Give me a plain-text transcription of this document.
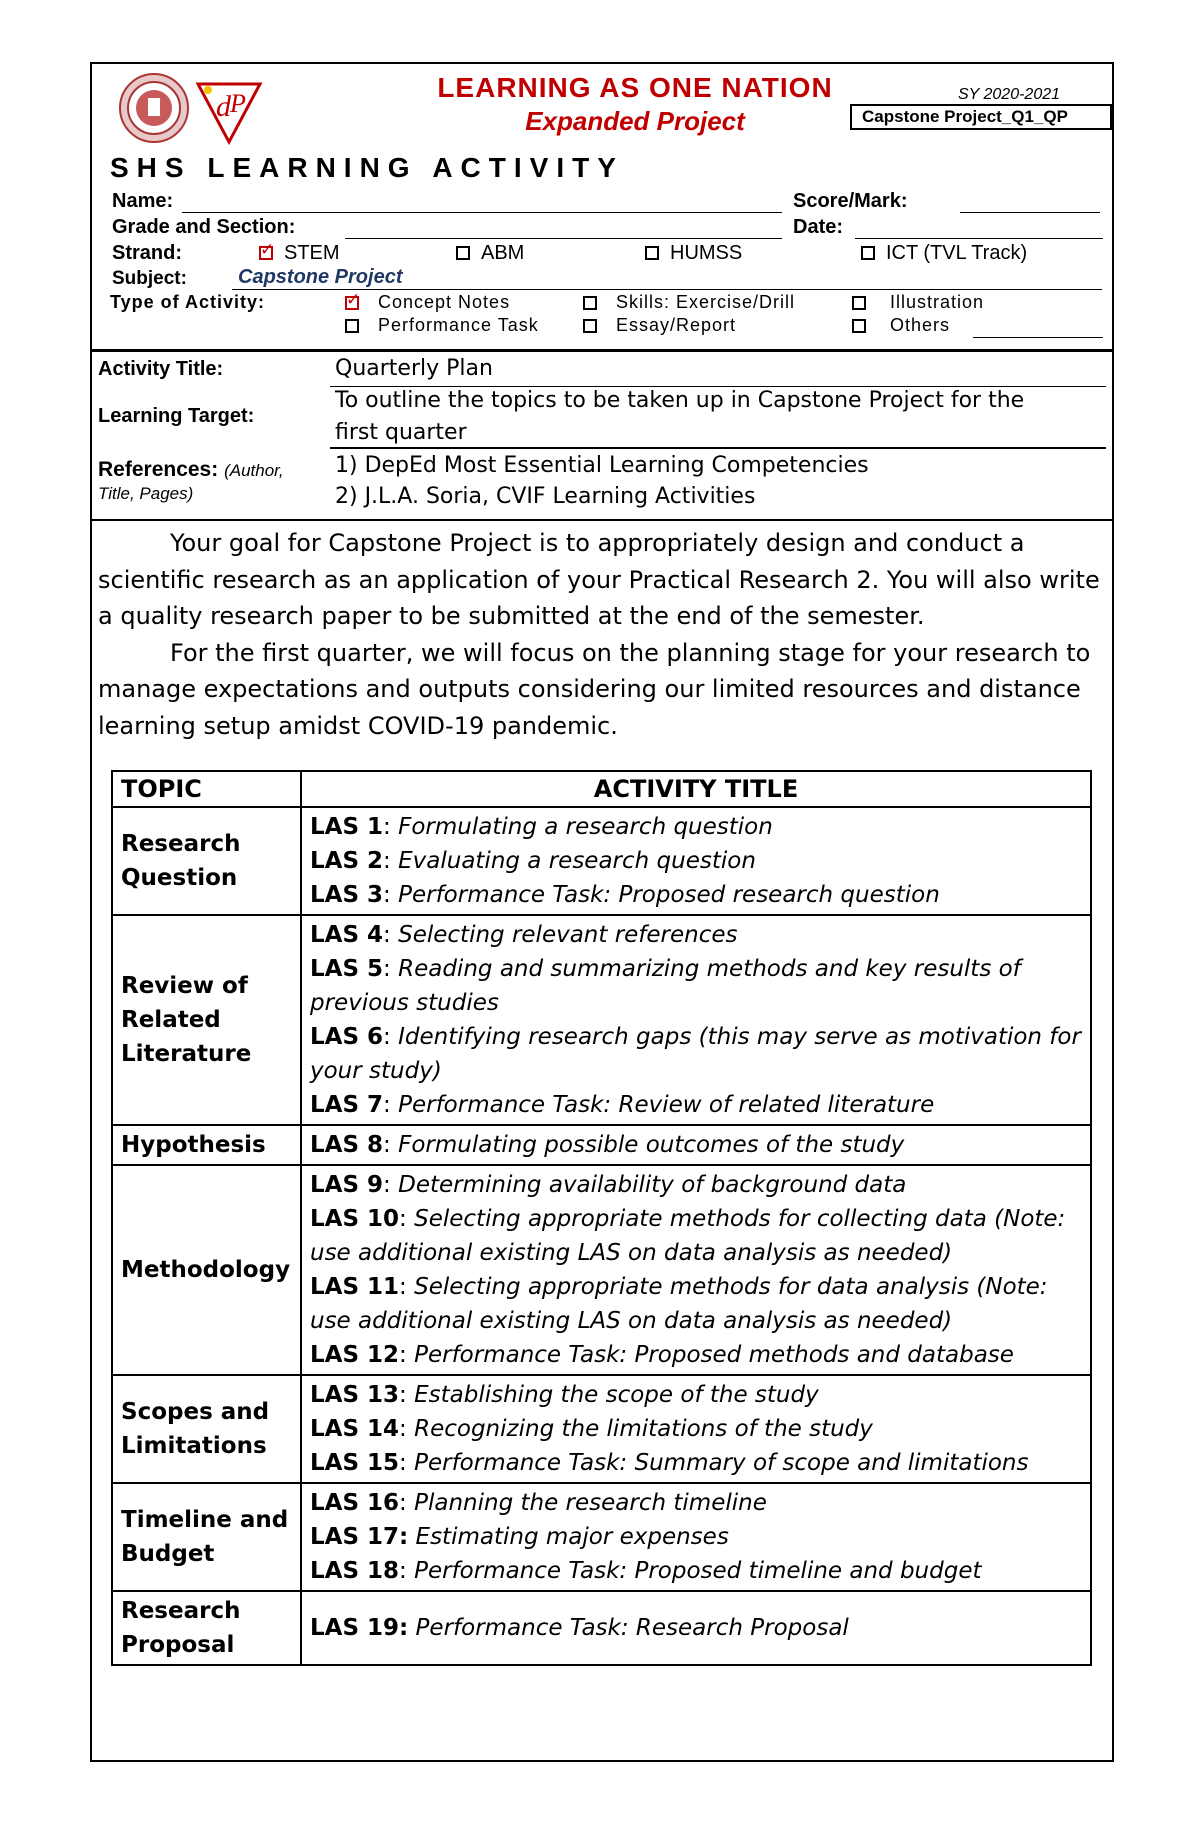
d P
LEARNING AS ONE NATION
Expanded Project
SY 2020-2021
Capstone Project_Q1_QP
SHS LEARNING ACTIVITY
Name:	Score/Mark:
Grade and Section:	Date:
Strand: ✓	STEM	ABM	HUMSS	ICT (TVL Track)
Subject:	Capstone Project
Type of Activity: ✓	Concept Notes	Skills: Exercise/Drill	Illustration
Performance Task	Essay/Report	Others
Activity Title:	Quarterly Plan
Learning Target:
To outline the topics to be taken up in Capstone Project for the
first quarter
References: (Author,
Title, Pages)
1) DepEd Most Essential Learning Competencies
2) J.L.A. Soria, CVIF Learning Activities

Your goal for Capstone Project is to appropriately design and conduct a scientific research as an application of your Practical Research 2. You will also write a quality research paper to be submitted at the end of the semester.

For the first quarter, we will focus on the planning stage for your research to manage expectations and outputs considering our limited resources and distance learning setup amidst COVID-19 pandemic.

TOPIC	ACTIVITY TITLE
Research Question	LAS 1: Formulating a research question
LAS 2: Evaluating a research question
LAS 3: Performance Task: Proposed research question

Review of Related Literature	LAS 4: Selecting relevant references
LAS 5: Reading and summarizing methods and key results of previous studies
LAS 6: Identifying research gaps (this may serve as motivation for your study)
LAS 7: Performance Task: Review of related literature

Hypothesis	LAS 8: Formulating possible outcomes of the study

Methodology	LAS 9: Determining availability of background data
LAS 10: Selecting appropriate methods for collecting data (Note: use additional existing LAS on data analysis as needed)
LAS 11: Selecting appropriate methods for data analysis (Note: use additional existing LAS on data analysis as needed)
LAS 12: Performance Task: Proposed methods and database

Scopes and Limitations	LAS 13: Establishing the scope of the study
LAS 14: Recognizing the limitations of the study
LAS 15: Performance Task: Summary of scope and limitations

Timeline and Budget	LAS 16: Planning the research timeline
LAS 17: Estimating major expenses
LAS 18: Performance Task: Proposed timeline and budget

Research Proposal	LAS 19: Performance Task: Research Proposal
